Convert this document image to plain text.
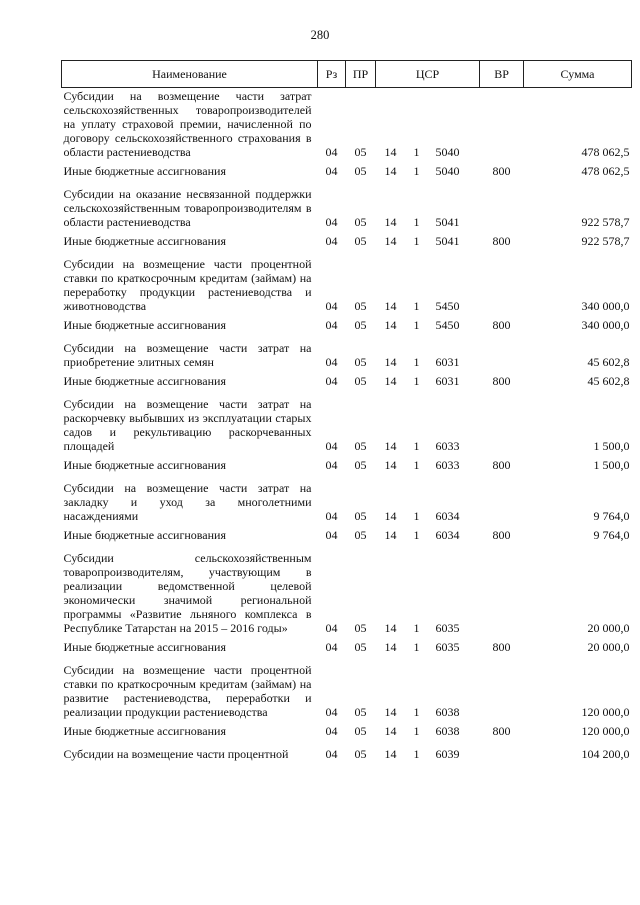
280
Наименование	Рз	ПР	ЦСР			ВР	Сумма
Субсидии на возмещение части затрат сельскохозяйственных товаропроизводителей на уплату страховой премии, начисленной по договору сельскохозяйственного страхования в области растениеводства	04	05	14	1	5040		478 062,5
Иные бюджетные ассигнования	04	05	14	1	5040	800	478 062,5
Субсидии на оказание несвязанной поддержки сельскохозяйственным товаропроизводителям в области растениеводства	04	05	14	1	5041		922 578,7
Иные бюджетные ассигнования	04	05	14	1	5041	800	922 578,7
Субсидии на возмещение части процентной ставки по краткосрочным кредитам (займам) на переработку продукции растениеводства и животноводства	04	05	14	1	5450		340 000,0
Иные бюджетные ассигнования	04	05	14	1	5450	800	340 000,0
Субсидии на возмещение части затрат на приобретение элитных семян	04	05	14	1	6031		45 602,8
Иные бюджетные ассигнования	04	05	14	1	6031	800	45 602,8
Субсидии на возмещение части затрат на раскорчевку выбывших из эксплуатации старых садов и рекультивацию раскорчеванных площадей	04	05	14	1	6033		1 500,0
Иные бюджетные ассигнования	04	05	14	1	6033	800	1 500,0
Субсидии на возмещение части затрат на закладку и уход за многолетними насаждениями	04	05	14	1	6034		9 764,0
Иные бюджетные ассигнования	04	05	14	1	6034	800	9 764,0
Субсидии сельскохозяйственным товаропроизводителям, участвующим в реализации ведомственной целевой экономически значимой региональной программы «Развитие льняного комплекса в Республике Татарстан на 2015 – 2016 годы»	04	05	14	1	6035		20 000,0
Иные бюджетные ассигнования	04	05	14	1	6035	800	20 000,0
Субсидии на возмещение части процентной ставки по краткосрочным кредитам (займам) на развитие растениеводства, переработки и реализации продукции растениеводства	04	05	14	1	6038		120 000,0
Иные бюджетные ассигнования	04	05	14	1	6038	800	120 000,0
Субсидии на возмещение части процентной	04	05	14	1	6039		104 200,0
